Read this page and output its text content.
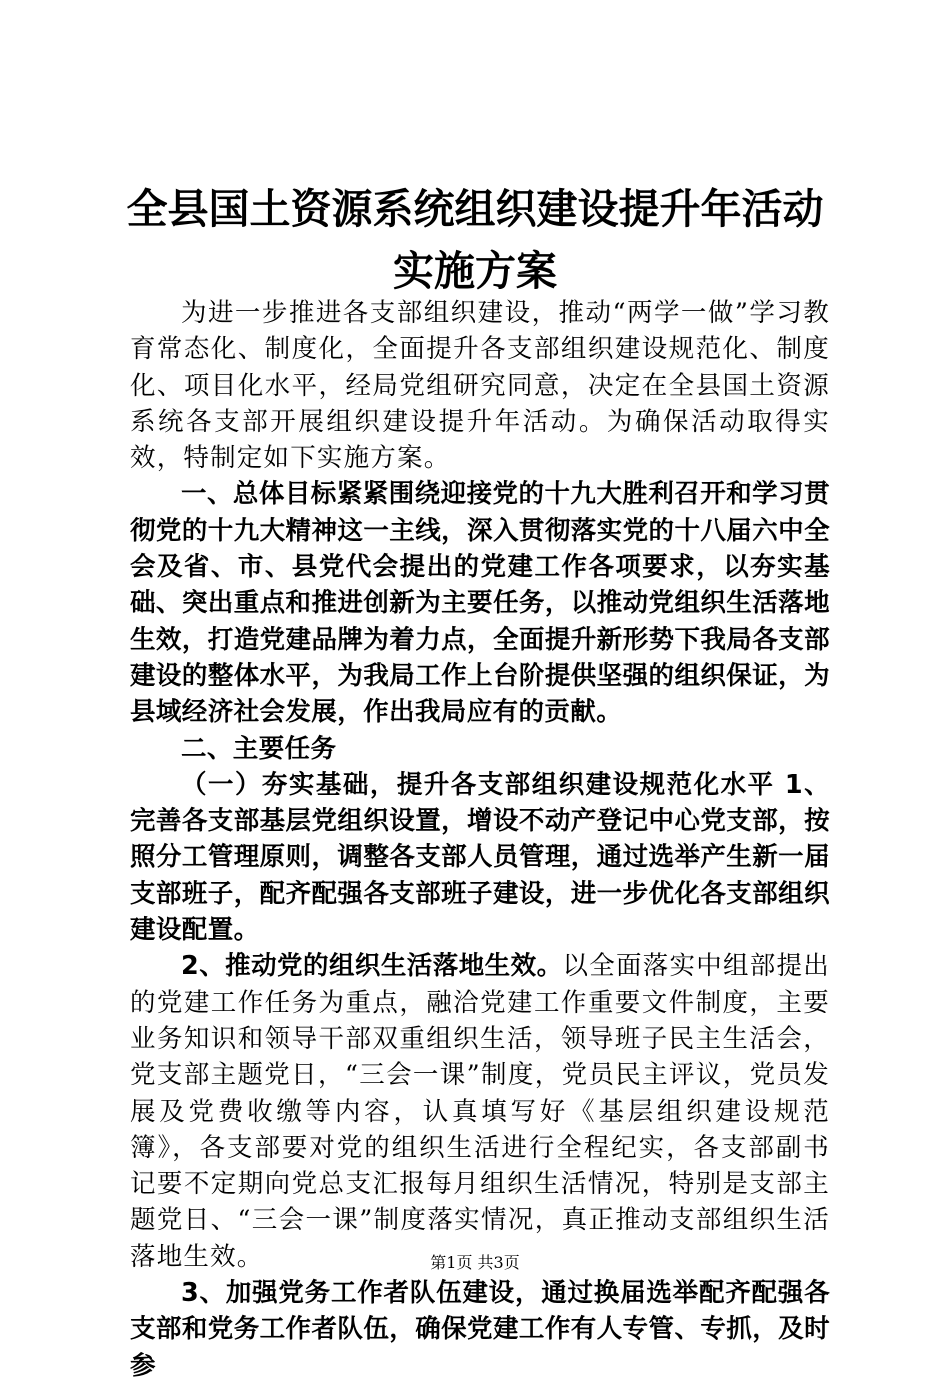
全县国土资源系统组织建设提升年活动实施方案

为进一步推进各支部组织建设，推动“两学一做”学习教育常态化、制度化，全面提升各支部组织建设规范化、制度化、项目化水平，经局党组研究同意，决定在全县国土资源系统各支部开展组织建设提升年活动。为确保活动取得实效，特制定如下实施方案。

一、总体目标紧紧围绕迎接党的十九大胜利召开和学习贯彻党的十九大精神这一主线，深入贯彻落实党的十八届六中全会及省、市、县党代会提出的党建工作各项要求，以夯实基础、突出重点和推进创新为主要任务，以推动党组织生活落地生效，打造党建品牌为着力点，全面提升新形势下我局各支部建设的整体水平，为我局工作上台阶提供坚强的组织保证，为县域经济社会发展，作出我局应有的贡献。

二、主要任务

（一）夯实基础，提升各支部组织建设规范化水平 1、完善各支部基层党组织设置，增设不动产登记中心党支部，按照分工管理原则，调整各支部人员管理，通过选举产生新一届支部班子，配齐配强各支部班子建设，进一步优化各支部组织建设配置。

2、推动党的组织生活落地生效。以全面落实中组部提出的党建工作任务为重点，融洽党建工作重要文件制度，主要业务知识和领导干部双重组织生活，领导班子民主生活会，党支部主题党日，“三会一课”制度，党员民主评议，党员发展及党费收缴等内容，认真填写好《基层组织建设规范簿》，各支部要对党的组织生活进行全程纪实，各支部副书记要不定期向党总支汇报每月组织生活情况，特别是支部主题党日、“三会一课”制度落实情况，真正推动支部组织生活落地生效。

3、加强党务工作者队伍建设，通过换届选举配齐配强各支部和党务工作者队伍，确保党建工作有人专管、专抓，及时参

第1页 共3页
